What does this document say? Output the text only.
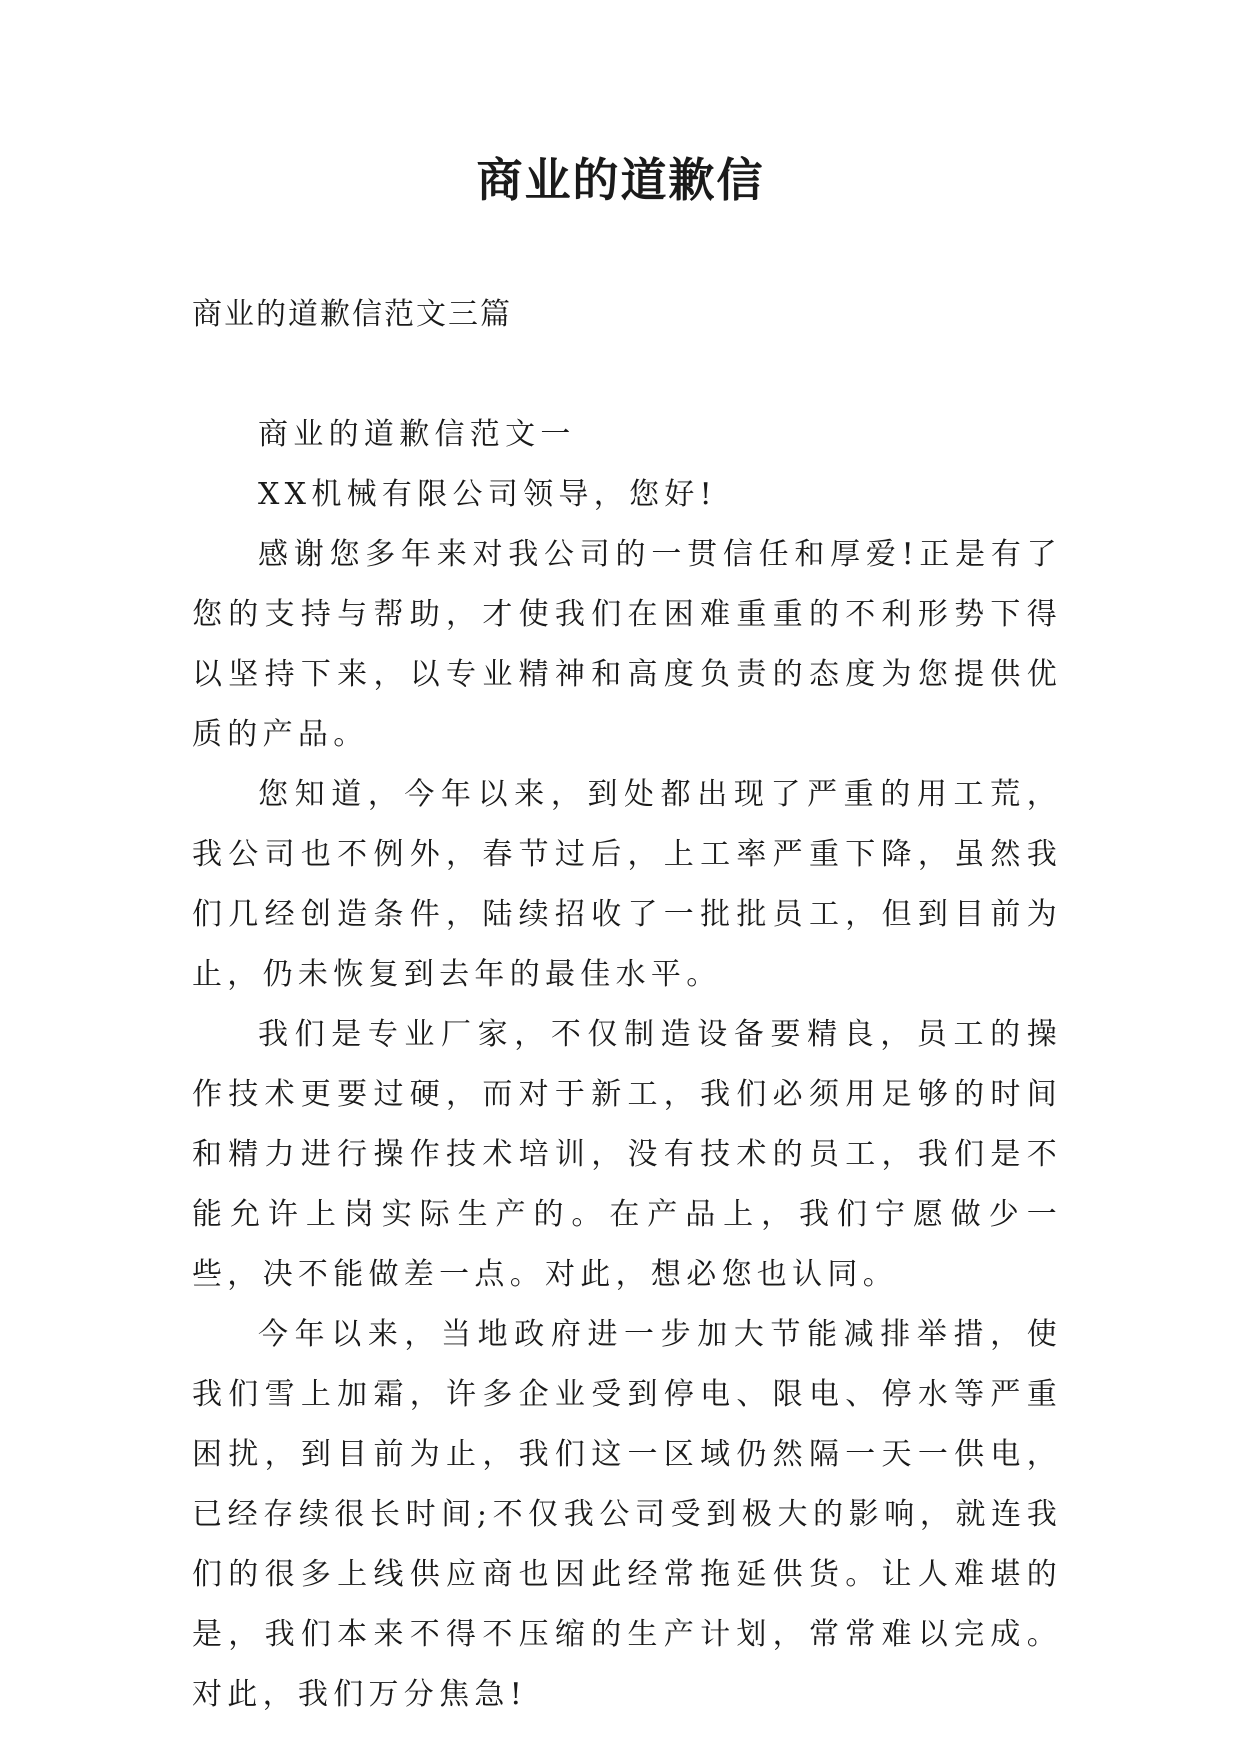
商业的道歉信

商业的道歉信范文三篇

商业的道歉信范文一

XX机械有限公司领导，您好!

感谢您多年来对我公司的一贯信任和厚爱!正是有了您的支持与帮助，才使我们在困难重重的不利形势下得以坚持下来，以专业精神和高度负责的态度为您提供优质的产品。

您知道，今年以来，到处都出现了严重的用工荒，我公司也不例外，春节过后，上工率严重下降，虽然我们几经创造条件，陆续招收了一批批员工，但到目前为止，仍未恢复到去年的最佳水平。

我们是专业厂家，不仅制造设备要精良，员工的操作技术更要过硬，而对于新工，我们必须用足够的时间和精力进行操作技术培训，没有技术的员工，我们是不能允许上岗实际生产的。在产品上，我们宁愿做少一些，决不能做差一点。对此，想必您也认同。

今年以来，当地政府进一步加大节能减排举措，使我们雪上加霜，许多企业受到停电、限电、停水等严重困扰，到目前为止，我们这一区域仍然隔一天一供电，已经存续很长时间;不仅我公司受到极大的影响，就连我们的很多上线供应商也因此经常拖延供货。让人难堪的是，我们本来不得不压缩的生产计划，常常难以完成。对此，我们万分焦急!
